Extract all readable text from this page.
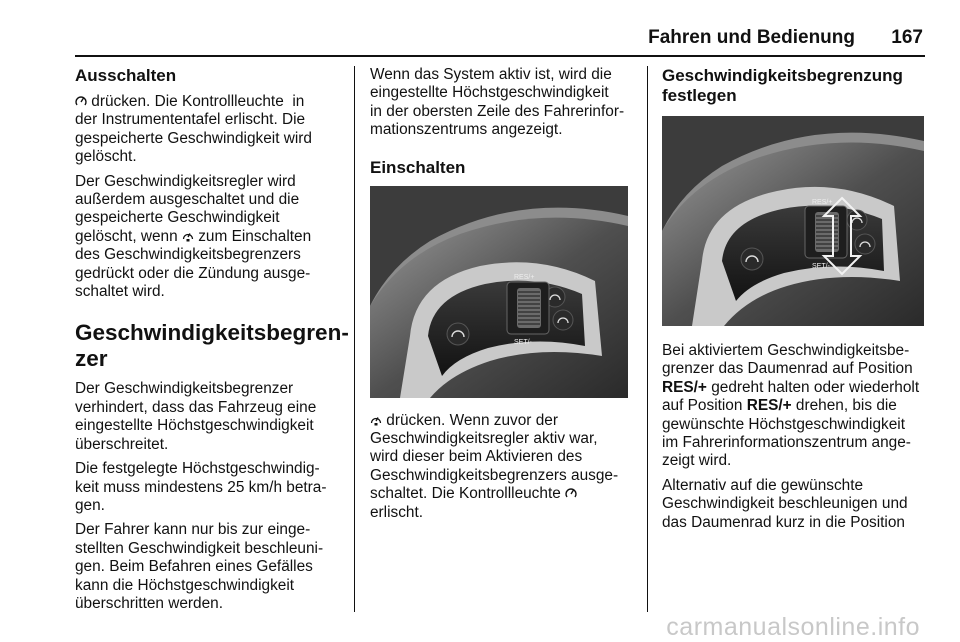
Fahren und Bedienung 167
Ausschalten
drücken. Die Kontrollleuchte  in
der Instrumententafel erlischt. Die
gespeicherte Geschwindigkeit wird
gelöscht.
Der Geschwindigkeitsregler wird
außerdem ausgeschaltet und die
gespeicherte Geschwindigkeit
gelöscht, wenn  zum Einschalten
des Geschwindigkeitsbegrenzers
gedrückt oder die Zündung ausge-
schaltet wird.
Geschwindigkeitsbegren-
zer
Der Geschwindigkeitsbegrenzer
verhindert, dass das Fahrzeug eine
eingestellte Höchstgeschwindigkeit
überschreitet.
Die festgelegte Höchstgeschwindig-
keit muss mindestens 25 km/h betra-
gen.
Der Fahrer kann nur bis zur einge-
stellten Geschwindigkeit beschleuni-
gen. Beim Befahren eines Gefälles
kann die Höchstgeschwindigkeit
überschritten werden.
Wenn das System aktiv ist, wird die
eingestellte Höchstgeschwindigkeit
in der obersten Zeile des Fahrerinfor-
mationszentrums angezeigt.
Einschalten
RES/+
SET/-
drücken. Wenn zuvor der
Geschwindigkeitsregler aktiv war,
wird dieser beim Aktivieren des
Geschwindigkeitsbegrenzers ausge-
schaltet. Die Kontrollleuchte
erlischt.
Geschwindigkeitsbegrenzung
festlegen
RES/+
SET/-
Bei aktiviertem Geschwindigkeitsbe-
grenzer das Daumenrad auf Position
RES/+ gedreht halten oder wiederholt
auf Position RES/+ drehen, bis die
gewünschte Höchstgeschwindigkeit
im Fahrerinformationszentrum ange-
zeigt wird.
Alternativ auf die gewünschte
Geschwindigkeit beschleunigen und
das Daumenrad kurz in die Position
carmanualsonline.info
